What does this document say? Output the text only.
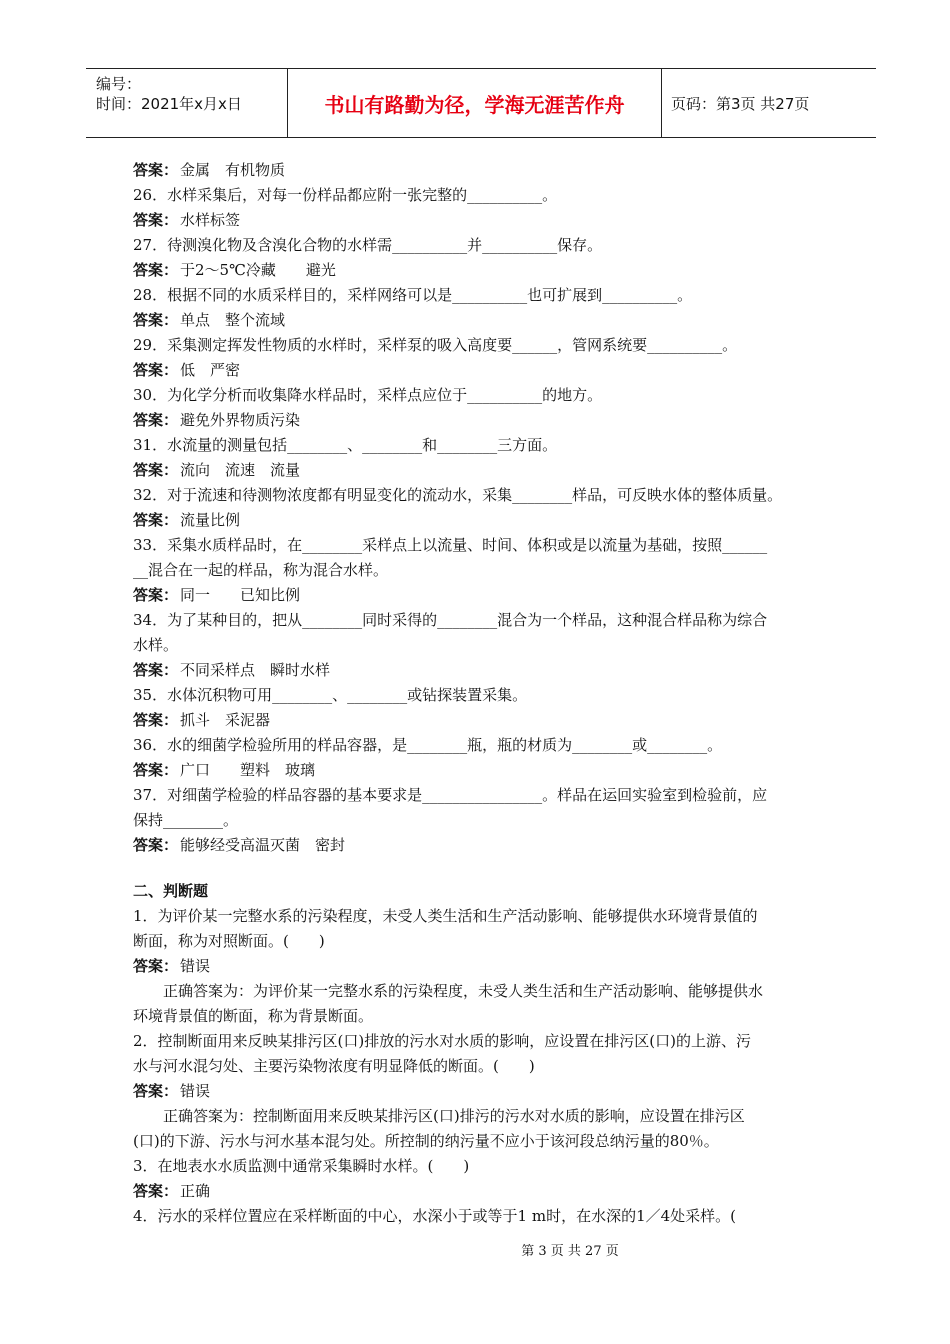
编号：
时间：2021年x月x日	书山有路勤为径，学海无涯苦作舟	页码：第3页 共27页
答案： 金属　有机物质
26．水样采集后，对每一份样品都应附一张完整的__________。
答案： 水样标签
27．待测溴化物及含溴化合物的水样需__________并__________保存。
答案： 于2～5℃冷藏　　避光
28．根据不同的水质采样目的，采样网络可以是__________也可扩展到__________。
答案： 单点　整个流域
29．采集测定挥发性物质的水样时，采样泵的吸入高度要______，管网系统要__________。
答案： 低　严密
30．为化学分析而收集降水样品时，采样点应位于__________的地方。
答案： 避免外界物质污染
31．水流量的测量包括________、________和________三方面。
答案： 流向　流速　流量
32．对于流速和待测物浓度都有明显变化的流动水，采集________样品，可反映水体的整体质量。
答案： 流量比例
33．采集水质样品时，在________采样点上以流量、时间、体积或是以流量为基础，按照______
__混合在一起的样品，称为混合水样。
答案： 同一　　已知比例
34．为了某种目的，把从________同时采得的________混合为一个样品，这种混合样品称为综合
水样。
答案： 不同采样点　瞬时水样
35．水体沉积物可用________、________或钻探装置采集。
答案： 抓斗　采泥器
36．水的细菌学检验所用的样品容器，是________瓶，瓶的材质为________或________。
答案： 广口　　塑料　玻璃
37．对细菌学检验的样品容器的基本要求是________________。样品在运回实验室到检验前，应
保持________。
答案： 能够经受高温灭菌　密封
二、判断题
1．为评价某一完整水系的污染程度，未受人类生活和生产活动影响、能够提供水环境背景值的
断面，称为对照断面。(　　)
答案： 错误
正确答案为：为评价某一完整水系的污染程度，未受人类生活和生产活动影响、能够提供水
环境背景值的断面，称为背景断面。
2．控制断面用来反映某排污区(口)排放的污水对水质的影响，应设置在排污区(口)的上游、污
水与河水混匀处、主要污染物浓度有明显降低的断面。(　　)
答案： 错误
正确答案为：控制断面用来反映某排污区(口)排污的污水对水质的影响，应设置在排污区
(口)的下游、污水与河水基本混匀处。所控制的纳污量不应小于该河段总纳污量的80％。
3．在地表水水质监测中通常采集瞬时水样。(　　)
答案： 正确
4．污水的采样位置应在采样断面的中心，水深小于或等于1 m时，在水深的1／4处采样。(
第 3 页 共 27 页
